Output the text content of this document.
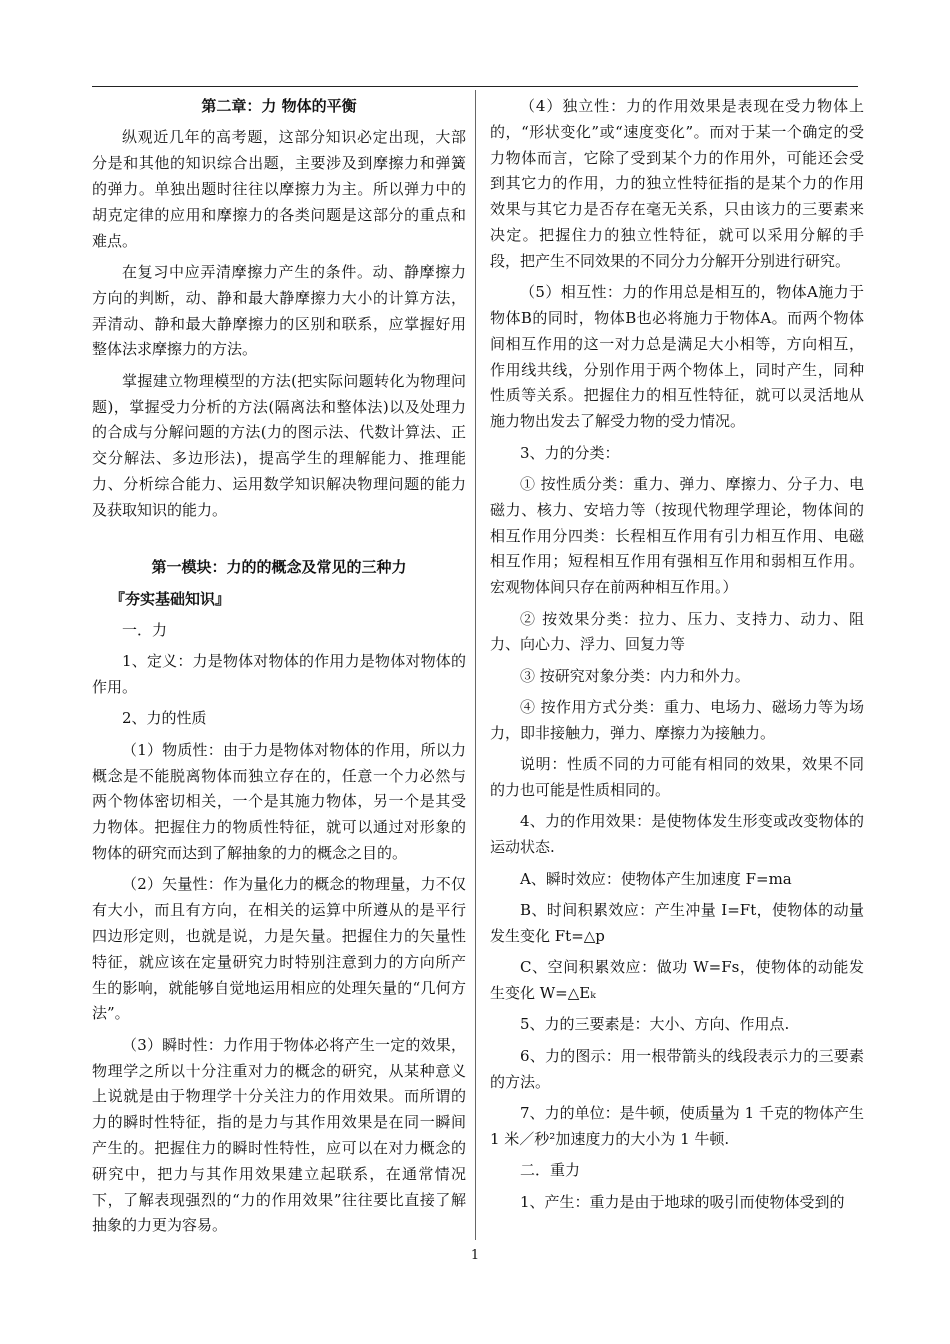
第二章：力 物体的平衡

纵观近几年的高考题，这部分知识必定出现，大部分是和其他的知识综合出题，主要涉及到摩擦力和弹簧的弹力。单独出题时往往以摩擦力为主。所以弹力中的胡克定律的应用和摩擦力的各类问题是这部分的重点和难点。

在复习中应弄清摩擦力产生的条件。动、静摩擦力方向的判断，动、静和最大静摩擦力大小的计算方法，弄清动、静和最大静摩擦力的区别和联系，应掌握好用整体法求摩擦力的方法。

掌握建立物理模型的方法(把实际问题转化为物理问题)，掌握受力分析的方法(隔离法和整体法)以及处理力的合成与分解问题的方法(力的图示法、代数计算法、正交分解法、多边形法)，提高学生的理解能力、推理能力、分析综合能力、运用数学知识解决物理问题的能力及获取知识的能力。

第一模块：力的的概念及常见的三种力

『夯实基础知识』

一．力

1、定义：力是物体对物体的作用力是物体对物体的作用。

2、力的性质

（1）物质性：由于力是物体对物体的作用，所以力概念是不能脱离物体而独立存在的，任意一个力必然与两个物体密切相关，一个是其施力物体，另一个是其受力物体。把握住力的物质性特征，就可以通过对形象的物体的研究而达到了解抽象的力的概念之目的。

（2）矢量性：作为量化力的概念的物理量，力不仅有大小，而且有方向，在相关的运算中所遵从的是平行四边形定则，也就是说，力是矢量。把握住力的矢量性特征，就应该在定量研究力时特别注意到力的方向所产生的影响，就能够自觉地运用相应的处理矢量的“几何方法”。

（3）瞬时性：力作用于物体必将产生一定的效果，物理学之所以十分注重对力的概念的研究，从某种意义上说就是由于物理学十分关注力的作用效果。而所谓的力的瞬时性特征，指的是力与其作用效果是在同一瞬间产生的。把握住力的瞬时性特性，应可以在对力概念的研究中，把力与其作用效果建立起联系，在通常情况下，了解表现强烈的“力的作用效果”往往要比直接了解抽象的力更为容易。

（4）独立性：力的作用效果是表现在受力物体上的，“形状变化”或“速度变化”。而对于某一个确定的受力物体而言，它除了受到某个力的作用外，可能还会受到其它力的作用，力的独立性特征指的是某个力的作用效果与其它力是否存在毫无关系，只由该力的三要素来决定。把握住力的独立性特征，就可以采用分解的手段，把产生不同效果的不同分力分解开分别进行研究。

（5）相互性：力的作用总是相互的，物体A施力于物体B的同时，物体B也必将施力于物体A。而两个物体间相互作用的这一对力总是满足大小相等，方向相互，作用线共线，分别作用于两个物体上，同时产生，同种性质等关系。把握住力的相互性特征，就可以灵活地从施力物出发去了解受力物的受力情况。

3、力的分类：

① 按性质分类：重力、弹力、摩擦力、分子力、电磁力、核力、安培力等（按现代物理学理论，物体间的相互作用分四类：长程相互作用有引力相互作用、电磁相互作用；短程相互作用有强相互作用和弱相互作用。宏观物体间只存在前两种相互作用。）

② 按效果分类：拉力、压力、支持力、动力、阻力、向心力、浮力、回复力等

③ 按研究对象分类：内力和外力。

④ 按作用方式分类：重力、电场力、磁场力等为场力，即非接触力，弹力、摩擦力为接触力。

说明：性质不同的力可能有相同的效果，效果不同的力也可能是性质相同的。

4、力的作用效果：是使物体发生形变或改变物体的运动状态.

A、瞬时效应：使物体产生加速度 F=ma

B、时间积累效应：产生冲量 I=Ft，使物体的动量发生变化 Ft=△p

C、空间积累效应：做功 W=Fs，使物体的动能发生变化 W=△Eₖ

5、力的三要素是：大小、方向、作用点.

6、力的图示：用一根带箭头的线段表示力的三要素的方法。

7、力的单位：是牛顿，使质量为 1 千克的物体产生 1 米／秒²加速度力的大小为 1 牛顿.

二．重力

1、产生：重力是由于地球的吸引而使物体受到的

1
